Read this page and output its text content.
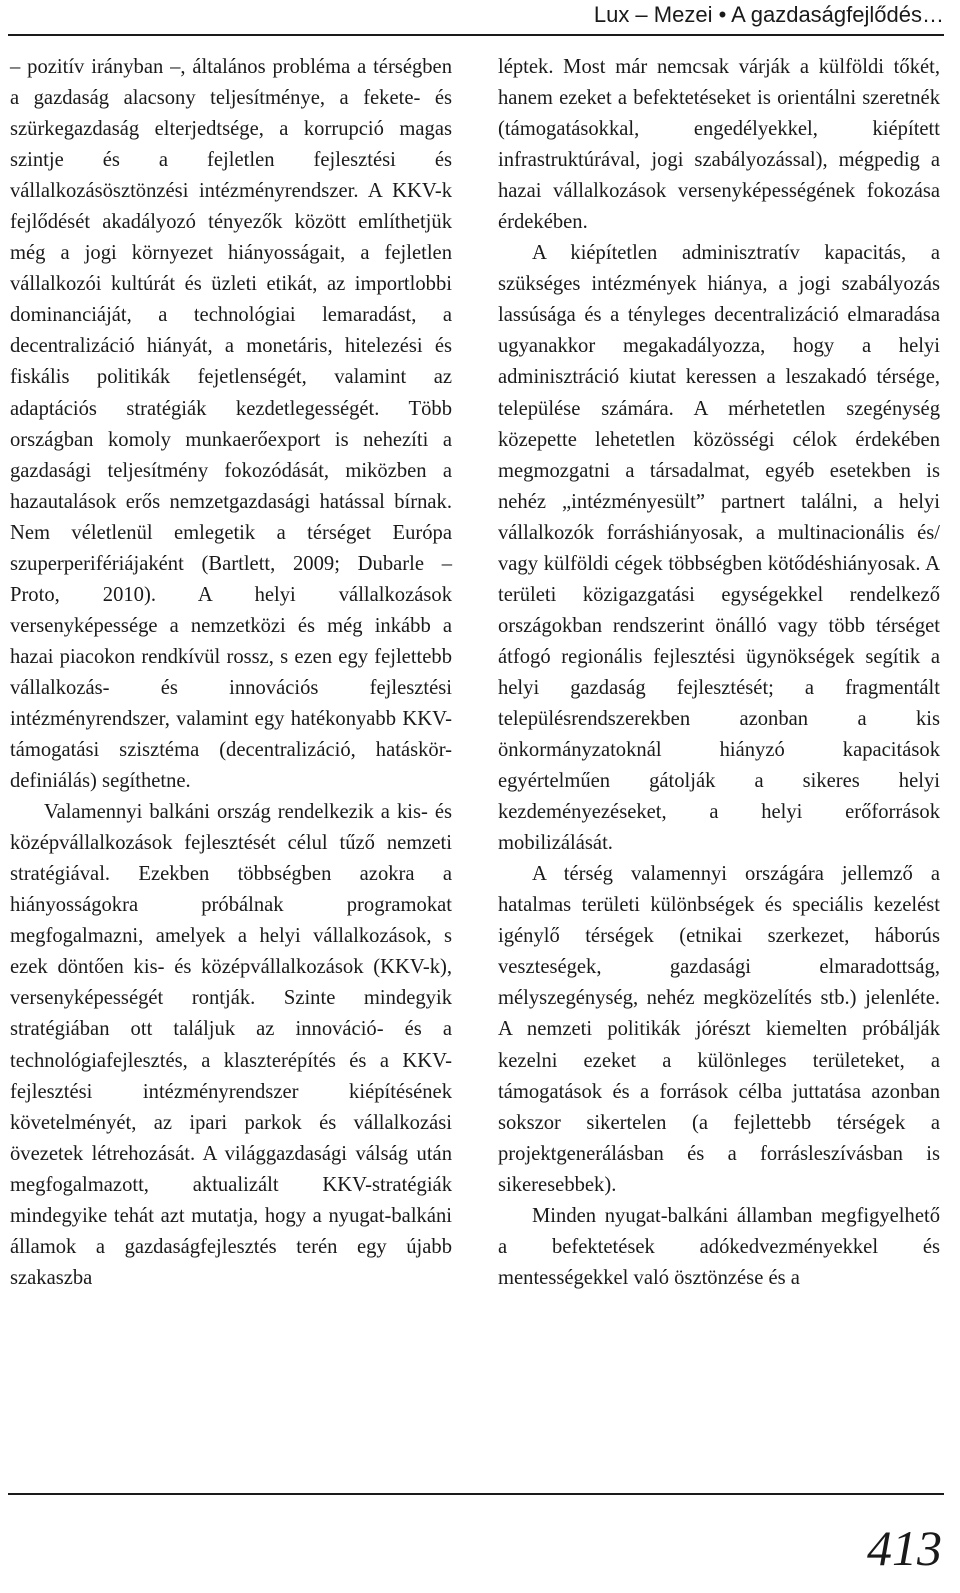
Lux – Mezei • A gazdaságfejlődés…

– pozitív irányban –, általános probléma a térségben a gazdaság alacsony teljesítménye, a fekete- és szürkegazdaság elterjedtsége, a korrupció magas szintje és a fejletlen fejlesztési és vállalkozásösztönzési intézményrendszer. A KKV-k fejlődését akadályozó tényezők között említhetjük még a jogi környezet hiányosságait, a fejletlen vállalkozói kultúrát és üzleti etikát, az importlobbi dominanciáját, a technológiai lemaradást, a decentralizáció hiányát, a monetáris, hitelezési és fiskális politikák fejetlenségét, valamint az adaptációs stratégiák kezdetlegességét. Több országban komoly munkaerőexport is nehezíti a gazdasági teljesítmény fokozódását, miközben a hazautalások erős nemzetgazdasági hatással bírnak. Nem véletlenül emlegetik a térséget Európa szuperperifériájaként (Bartlett, 2009; Dubarle – Proto, 2010). A helyi vállalkozások versenyképessége a nemzetközi és még inkább a hazai piacokon rendkívül rossz, s ezen egy fejlettebb vállalkozás- és innovációs fejlesztési intézményrendszer, valamint egy hatékonyabb KKV-támogatási szisztéma (decentralizáció, hatáskör-definiálás) segíthetne.

Valamennyi balkáni ország rendelkezik a kis- és középvállalkozások fejlesztését célul tűző nemzeti stratégiával. Ezekben többségben azokra a hiányosságokra próbálnak programokat megfogalmazni, amelyek a helyi vállalkozások, s ezek döntően kis- és középvállalkozások (KKV-k), versenyképességét rontják. Szinte mindegyik stratégiában ott találjuk az innováció- és a technológiafejlesztés, a klaszterépítés és a KKV-fejlesztési intézményrendszer kiépítésének követelményét, az ipari parkok és vállalkozási övezetek létrehozását. A világgazdasági válság után megfogalmazott, aktualizált KKV-stratégiák mindegyike tehát azt mutatja, hogy a nyugat-balkáni államok a gazdaságfejlesztés terén egy újabb szakaszba

léptek. Most már nemcsak várják a külföldi tőkét, hanem ezeket a befektetéseket is orientálni szeretnék (támogatásokkal, engedélyekkel, kiépített infrastruktúrával, jogi szabályozással), mégpedig a hazai vállalkozások versenyképességének fokozása érdekében.

A kiépítetlen adminisztratív kapacitás, a szükséges intézmények hiánya, a jogi szabályozás lassúsága és a tényleges decentralizáció elmaradása ugyanakkor megakadályozza, hogy a helyi adminisztráció kiutat keressen a leszakadó térsége, települése számára. A mérhetetlen szegénység közepette lehetetlen közösségi célok érdekében megmozgatni a társadalmat, egyéb esetekben is nehéz „intézményesült” partnert találni, a helyi vállalkozók forráshiányosak, a multinacionális és/ vagy külföldi cégek többségben kötődéshiányosak. A területi közigazgatási egységekkel rendelkező országokban rendszerint önálló vagy több térséget átfogó regionális fejlesztési ügynökségek segítik a helyi gazdaság fejlesztését; a fragmentált településrendszerekben azonban a kis önkormányzatoknál hiányzó kapacitások egyértelműen gátolják a sikeres helyi kezdeményezéseket, a helyi erőforrások mobilizálását.

A térség valamennyi országára jellemző a hatalmas területi különbségek és speciális kezelést igénylő térségek (etnikai szerkezet, háborús veszteségek, gazdasági elmaradottság, mélyszegénység, nehéz megközelítés stb.) jelenléte. A nemzeti politikák jórészt kiemelten próbálják kezelni ezeket a különleges területeket, a támogatások és a források célba juttatása azonban sokszor sikertelen (a fejlettebb térségek a projektgenerálásban és a forrásleszívásban is sikeresebbek).

Minden nyugat-balkáni államban megfigyelhető a befektetések adókedvezményekkel és mentességekkel való ösztönzése és a

413
